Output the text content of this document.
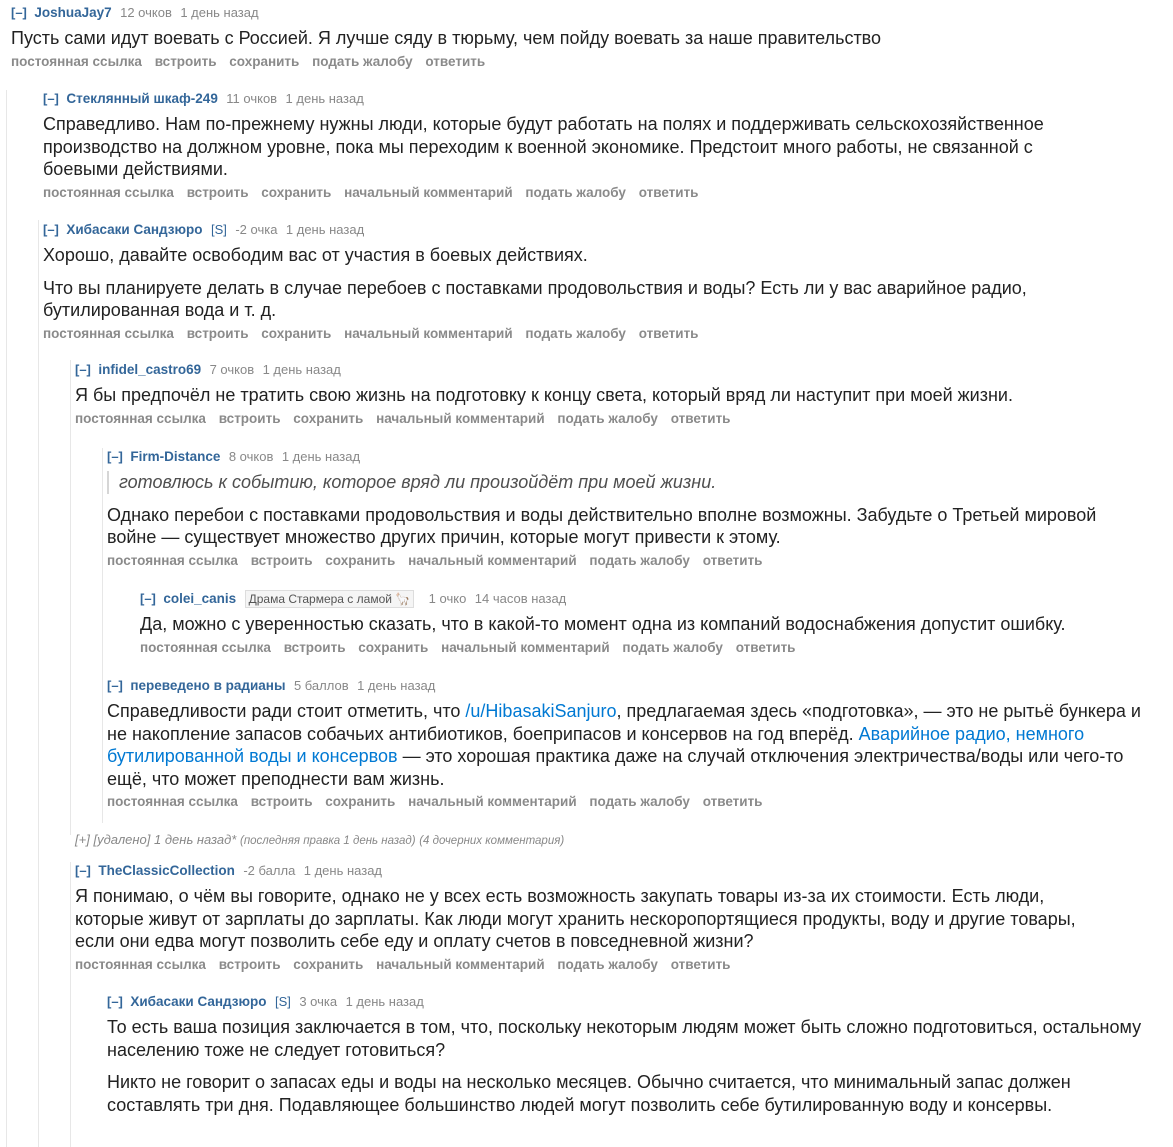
[–] JoshuaJay7 12 очков 1 день назад

Пусть сами идут воевать с Россией. Я лучше сяду в тюрьму, чем пойду воевать за наше правительство

постоянная ссылка встроить сохранить подать жалобу ответить
[–] Стеклянный шкаф-249 11 очков 1 день назад

Справедливо. Нам по-прежнему нужны люди, которые будут работать на полях и поддерживать сельскохозяйственное производство на должном уровне, пока мы переходим к военной экономике. Предстоит много работы, не связанной с боевыми действиями.

постоянная ссылка встроить сохранить начальный комментарий подать жалобу ответить
[–] Хибасаки Сандзюро [S] -2 очка 1 день назад

Хорошо, давайте освободим вас от участия в боевых действиях.

Что вы планируете делать в случае перебоев с поставками продовольствия и воды? Есть ли у вас аварийное радио, бутилированная вода и т. д.

постоянная ссылка встроить сохранить начальный комментарий подать жалобу ответить
[–] infidel_castro69 7 очков 1 день назад

Я бы предпочёл не тратить свою жизнь на подготовку к концу света, который вряд ли наступит при моей жизни.

постоянная ссылка встроить сохранить начальный комментарий подать жалобу ответить
[–] Firm-Distance 8 очков 1 день назад

готовлюсь к событию, которое вряд ли произойдёт при моей жизни.

Однако перебои с поставками продовольствия и воды действительно вполне возможны. Забудьте о Третьей мировой войне — существует множество других причин, которые могут привести к этому.

постоянная ссылка встроить сохранить начальный комментарий подать жалобу ответить
[–] colei_canis Драма Стармера с ламой 🦙 1 очко 14 часов назад

Да, можно с уверенностью сказать, что в какой-то момент одна из компаний водоснабжения допустит ошибку.

постоянная ссылка встроить сохранить начальный комментарий подать жалобу ответить
[–] переведено в радианы 5 баллов 1 день назад

Справедливости ради стоит отметить, что /u/HibasakiSanjuro, предлагаемая здесь «подготовка», — это не рытьё бункера и не накопление запасов собачьих антибиотиков, боеприпасов и консервов на год вперёд. Аварийное радио, немного бутилированной воды и консервов — это хорошая практика даже на случай отключения электричества/воды или чего-то ещё, что может преподнести вам жизнь.

постоянная ссылка встроить сохранить начальный комментарий подать жалобу ответить
[+] [удалено] 1 день назад* (последняя правка 1 день назад) (4 дочерних комментария)
[–] TheClassicCollection -2 балла 1 день назад

Я понимаю, о чём вы говорите, однако не у всех есть возможность закупать товары из-за их стоимости. Есть люди, которые живут от зарплаты до зарплаты. Как люди могут хранить нескоропортящиеся продукты, воду и другие товары, если они едва могут позволить себе еду и оплату счетов в повседневной жизни?

постоянная ссылка встроить сохранить начальный комментарий подать жалобу ответить
[–] Хибасаки Сандзюро [S] 3 очка 1 день назад

То есть ваша позиция заключается в том, что, поскольку некоторым людям может быть сложно подготовиться, остальному населению тоже не следует готовиться?

Никто не говорит о запасах еды и воды на несколько месяцев. Обычно считается, что минимальный запас должен составлять три дня. Подавляющее большинство людей могут позволить себе бутилированную воду и консервы.
